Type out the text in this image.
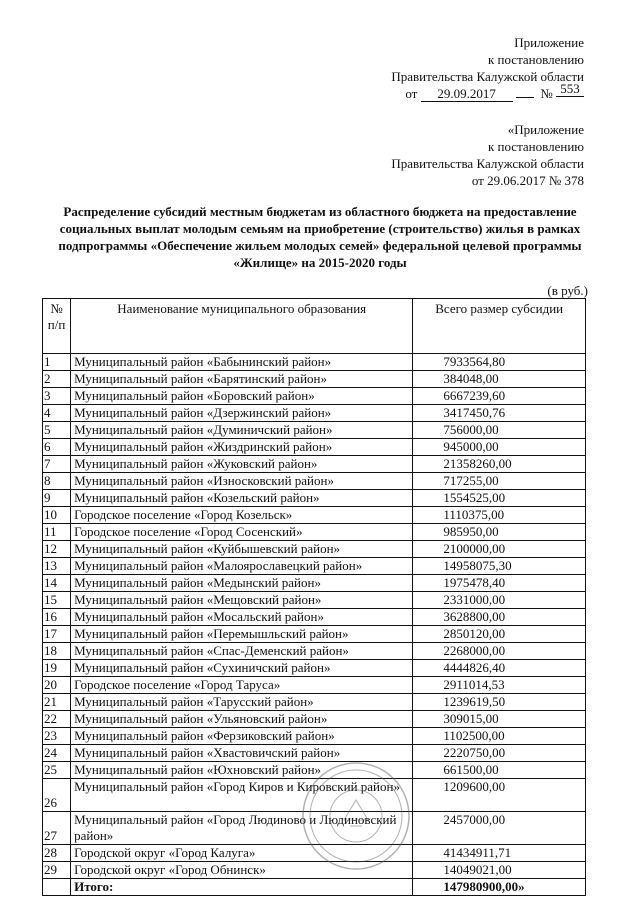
Приложение
к постановлению
Правительства Калужской области
от 29.09.2017	№ 553
«Приложение
к постановлению
Правительства Калужской области
от 29.06.2017 № 378
Распределение субсидий местным бюджетам из областного бюджета на предоставление социальных выплат молодым семьям на приобретение (строительство) жилья в рамках подпрограммы «Обеспечение жильем молодых семей» федеральной целевой программы «Жилище» на 2015-2020 годы
(в руб.)
№ п/п	Наименование муниципального образования	Всего размер субсидии
1	Муниципальный район «Бабынинский район»	7933564,80
2	Муниципальный район «Барятинский район»	384048,00
3	Муниципальный район «Боровский район»	6667239,60
4	Муниципальный район «Дзержинский район»	3417450,76
5	Муниципальный район «Думиничский район»	756000,00
6	Муниципальный район «Жиздринский район»	945000,00
7	Муниципальный район «Жуковский район»	21358260,00
8	Муниципальный район «Износковский район»	717255,00
9	Муниципальный район «Козельский район»	1554525,00
10	Городское поселение «Город Козельск»	1110375,00
11	Городское поселение «Город Сосенский»	985950,00
12	Муниципальный район «Куйбышевский район»	2100000,00
13	Муниципальный район «Малоярославецкий район»	14958075,30
14	Муниципальный район «Медынский район»	1975478,40
15	Муниципальный район «Мещовский район»	2331000,00
16	Муниципальный район «Мосальский район»	3628800,00
17	Муниципальный район «Перемышльский район»	2850120,00
18	Муниципальный район «Спас-Деменский район»	2268000,00
19	Муниципальный район «Сухиничский район»	4444826,40
20	Городское поселение «Город Таруса»	2911014,53
21	Муниципальный район «Тарусский район»	1239619,50
22	Муниципальный район «Ульяновский район»	309015,00
23	Муниципальный район «Ферзиковский район»	1102500,00
24	Муниципальный район «Хвастовичский район»	2220750,00
25	Муниципальный район «Юхновский район»	661500,00
26	Муниципальный район «Город Киров и Кировский район»	1209600,00
27	Муниципальный район «Город Людиново и Людиновский район»	2457000,00
28	Городской округ «Город Калуга»	41434911,71
29	Городской округ «Город Обнинск»	14049021,00
	Итого:	147980900,00»
